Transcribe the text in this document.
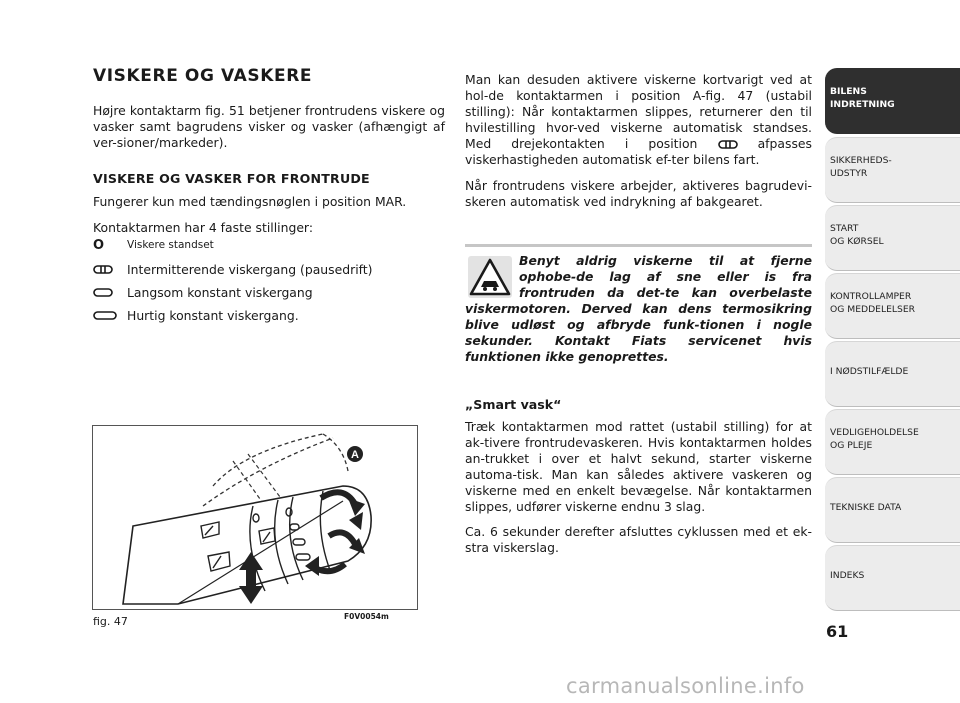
VISKERE OG VASKERE
Højre kontaktarm fig. 51 betjener frontrudens viskere og vasker samt bagrudens visker og vasker (afhængigt af ver-sioner/markeder).
VISKERE OG VASKER FOR FRONTRUDE
Fungerer kun med tændingsnøglen i position MAR.
Kontaktarmen har 4 faste stillinger:
O	Viskere standset
Intermitterende viskergang (pausedrift)
Langsom konstant viskergang
Hurtig konstant viskergang.
A
fig. 47	F0V0054m
Man kan desuden aktivere viskerne kortvarigt ved at hol-de kontaktarmen i position A-fig. 47 (ustabil stilling): Når kontaktarmen slippes, returnerer den til hvilestilling hvor-ved viskerne automatisk standses. Med drejekontakten i position	afpasses viskerhastigheden automatisk ef-ter bilens fart.
Når frontrudens viskere arbejder, aktiveres bagrudevi-skeren automatisk ved indrykning af bakgearet.
Benyt aldrig viskerne til at fjerne ophobe-de lag af sne eller is fra frontruden da det-te kan overbelaste viskermotoren. Derved kan dens termosikring blive udløst og afbryde funk-tionen i nogle sekunder. Kontakt Fiats servicenet hvis funktionen ikke genoprettes.
„Smart vask“
Træk kontaktarmen mod rattet (ustabil stilling) for at ak-tivere frontrudevaskeren. Hvis kontaktarmen holdes an-trukket i over et halvt sekund, starter viskerne automa-tisk. Man kan således aktivere vaskeren og viskerne med en enkelt bevægelse. Når kontaktarmen slippes, udfører viskerne endnu 3 slag.
Ca. 6 sekunder derefter afsluttes cyklussen med et ek-stra viskerslag.
BILENS
INDRETNING
SIKKERHEDS-
UDSTYR
START
OG KØRSEL
KONTROLLAMPER
OG MEDDELELSER
I NØDSTILFÆLDE
VEDLIGEHOLDELSE
OG PLEJE
TEKNISKE DATA
INDEKS
61
carmanualsonline.info
